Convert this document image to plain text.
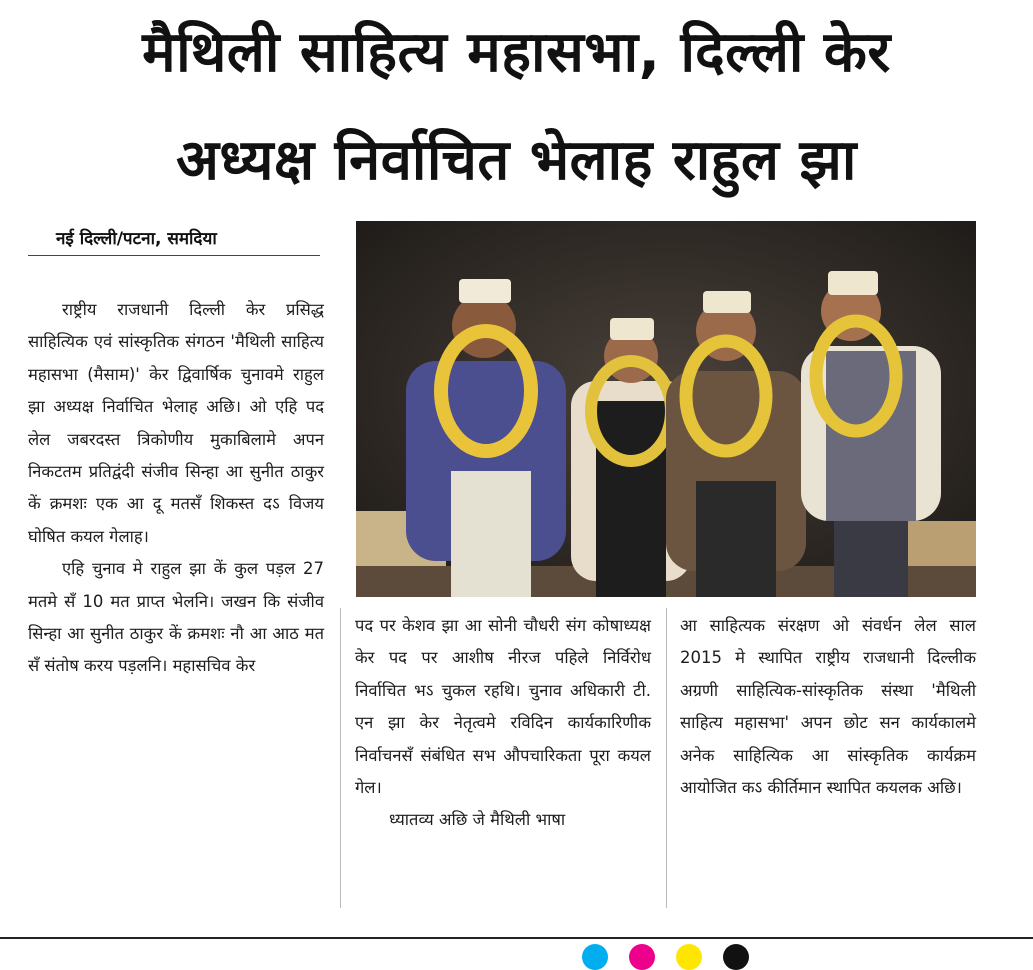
मैथिली साहित्य महासभा, दिल्ली केर
अध्यक्ष निर्वाचित भेलाह राहुल झा
नई दिल्ली/पटना, समदिया

राष्ट्रीय राजधानी दिल्ली केर प्रसिद्ध साहित्यिक एवं सांस्कृतिक संगठन 'मैथिली साहित्य महासभा (मैसाम)' केर द्विवार्षिक चुनावमे राहुल झा अध्यक्ष निर्वाचित भेलाह अछि। ओ एहि पद लेल जबरदस्त त्रिकोणीय मुकाबिलामे अपन निकटतम प्रतिद्वंदी संजीव सिन्हा आ सुनीत ठाकुर कें क्रमशः एक आ दू मतसँ शिकस्त दऽ विजय घोषित कयल गेलाह।

एहि चुनाव मे राहुल झा कें कुल पड़ल 27 मतमे सँ 10 मत प्राप्त भेलनि। जखन कि संजीव सिन्हा आ सुनीत ठाकुर कें क्रमशः नौ आ आठ मत सँ संतोष करय पड़लनि। महासचिव केर

पद पर केशव झा आ सोनी चौधरी संग कोषाध्यक्ष केर पद पर आशीष नीरज पहिले निर्विरोध निर्वाचित भऽ चुकल रहथि। चुनाव अधिकारी टी. एन झा केर नेतृत्वमे रविदिन कार्यकारिणीक निर्वाचनसँ संबंधित सभ औपचारिकता पूरा कयल गेल।

ध्यातव्य अछि जे मैथिली भाषा

आ साहित्यक संरक्षण ओ संवर्धन लेल साल 2015 मे स्थापित राष्ट्रीय राजधानी दिल्लीक अग्रणी साहित्यिक-सांस्कृतिक संस्था 'मैथिली साहित्य महासभा' अपन छोट सन कार्यकालमे अनेक साहित्यिक आ सांस्कृतिक कार्यक्रम आयोजित कऽ कीर्तिमान स्थापित कयलक अछि।
